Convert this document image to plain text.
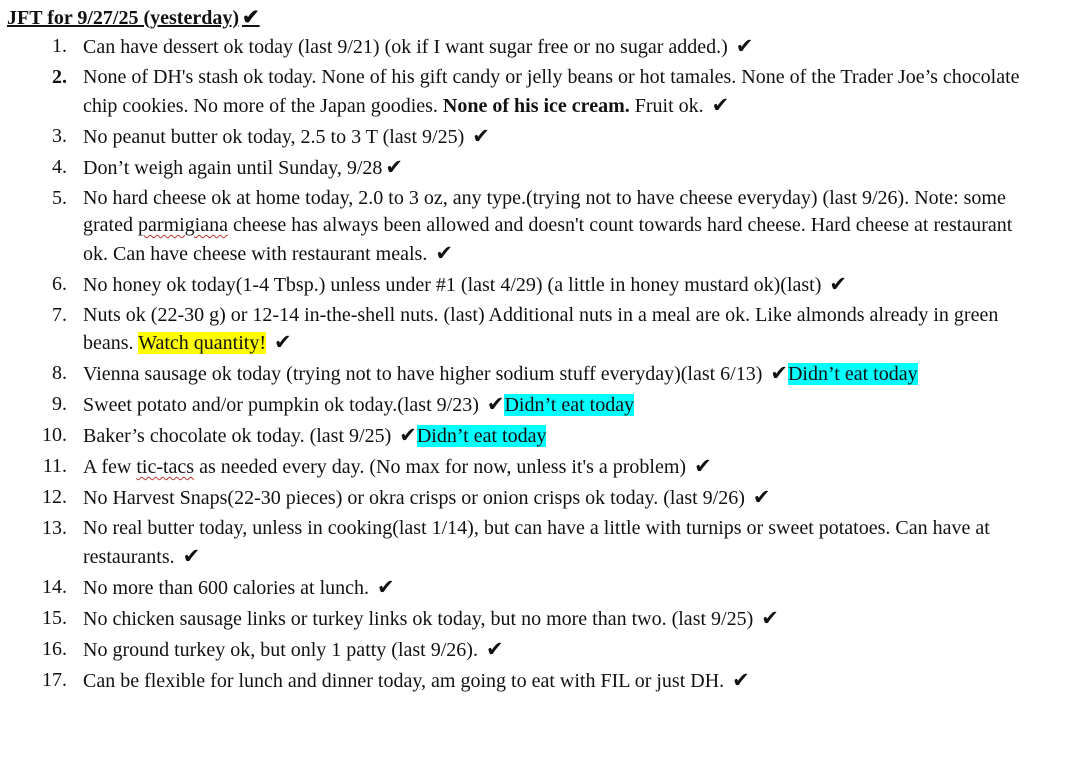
JFT for 9/27/25 (yesterday) ✔
1. Can have dessert ok today (last 9/21) (ok if I want sugar free or no sugar added.) ✔
2. None of DH's stash ok today. None of his gift candy or jelly beans or hot tamales. None of the Trader Joe’s chocolate chip cookies. No more of the Japan goodies. None of his ice cream. Fruit ok. ✔
3. No peanut butter ok today, 2.5 to 3 T (last 9/25) ✔
4. Don’t weigh again until Sunday, 9/28 ✔
5. No hard cheese ok at home today, 2.0 to 3 oz, any type.(trying not to have cheese everyday) (last 9/26). Note: some grated parmigiana cheese has always been allowed and doesn't count towards hard cheese. Hard cheese at restaurant ok. Can have cheese with restaurant meals. ✔
6. No honey ok today(1-4 Tbsp.) unless under #1 (last 4/29) (a little in honey mustard ok)(last) ✔
7. Nuts ok (22-30 g) or 12-14 in-the-shell nuts. (last) Additional nuts in a meal are ok. Like almonds already in green beans. Watch quantity! ✔
8. Vienna sausage ok today (trying not to have higher sodium stuff everyday)(last 6/13) ✔Didn’t eat today
9. Sweet potato and/or pumpkin ok today.(last 9/23) ✔Didn’t eat today
10. Baker’s chocolate ok today. (last 9/25) ✔Didn’t eat today
11. A few tic-tacs as needed every day. (No max for now, unless it's a problem) ✔
12. No Harvest Snaps(22-30 pieces) or okra crisps or onion crisps ok today. (last 9/26) ✔
13. No real butter today, unless in cooking(last 1/14), but can have a little with turnips or sweet potatoes. Can have at restaurants. ✔
14. No more than 600 calories at lunch. ✔
15. No chicken sausage links or turkey links ok today, but no more than two. (last 9/25) ✔
16. No ground turkey ok, but only 1 patty (last 9/26). ✔
17. Can be flexible for lunch and dinner today, am going to eat with FIL or just DH. ✔
